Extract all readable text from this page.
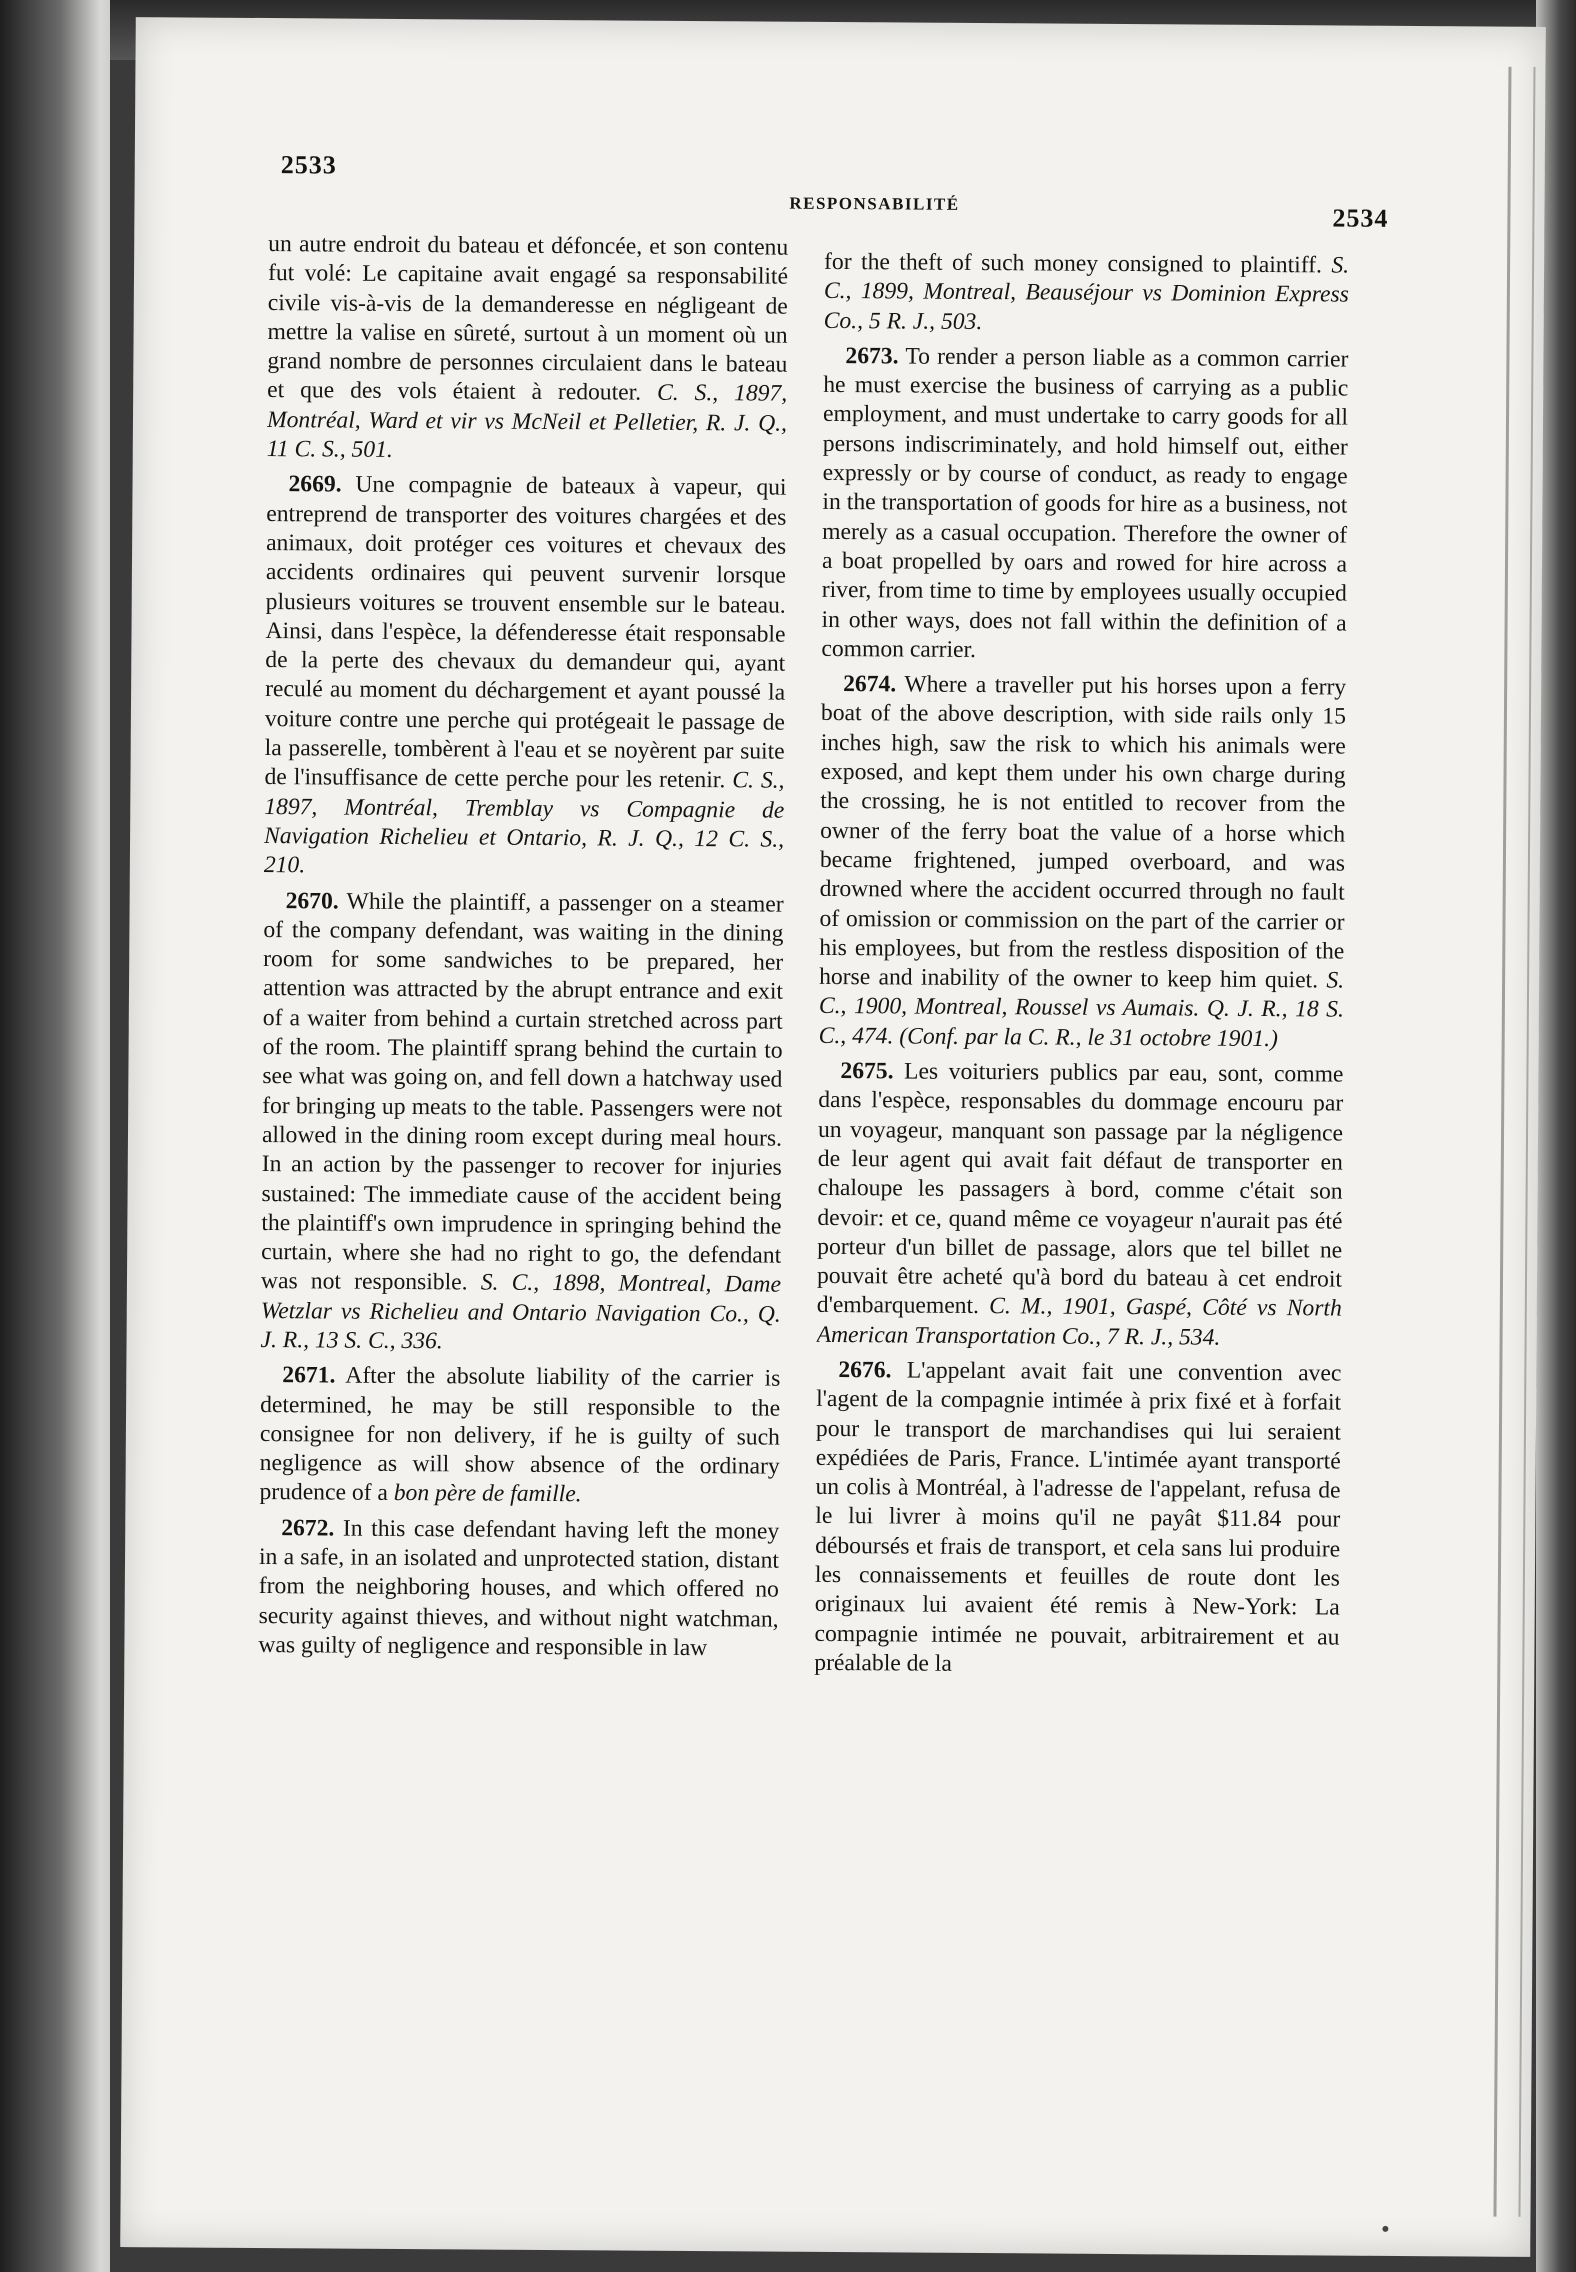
2533
RESPONSABILITÉ	2534

un autre endroit du bateau et défoncée, et son contenu fut volé: Le capitaine avait engagé sa responsabilité civile vis-à-vis de la demanderesse en négligeant de mettre la valise en sûreté, surtout à un moment où un grand nombre de personnes circulaient dans le bateau et que des vols étaient à redouter. C. S., 1897, Montréal, Ward et vir vs McNeil et Pelletier, R. J. Q., 11 C. S., 501.

2669. Une compagnie de bateaux à vapeur, qui entreprend de transporter des voitures chargées et des animaux, doit protéger ces voitures et chevaux des accidents ordinaires qui peuvent survenir lorsque plusieurs voitures se trouvent ensemble sur le bateau. Ainsi, dans l'espèce, la défenderesse était responsable de la perte des chevaux du demandeur qui, ayant reculé au moment du déchargement et ayant poussé la voiture contre une perche qui protégeait le passage de la passerelle, tombèrent à l'eau et se noyèrent par suite de l'insuffisance de cette perche pour les retenir. C. S., 1897, Montréal, Tremblay vs Compagnie de Navigation Richelieu et Ontario, R. J. Q., 12 C. S., 210.

2670. While the plaintiff, a passenger on a steamer of the company defendant, was waiting in the dining room for some sandwiches to be prepared, her attention was attracted by the abrupt entrance and exit of a waiter from behind a curtain stretched across part of the room. The plaintiff sprang behind the curtain to see what was going on, and fell down a hatchway used for bringing up meats to the table. Passengers were not allowed in the dining room except during meal hours. In an action by the passenger to recover for injuries sustained: The immediate cause of the accident being the plaintiff's own imprudence in springing behind the curtain, where she had no right to go, the defendant was not responsible. S. C., 1898, Montreal, Dame Wetzlar vs Richelieu and Ontario Navigation Co., Q. J. R., 13 S. C., 336.

2671. After the absolute liability of the carrier is determined, he may be still responsible to the consignee for non delivery, if he is guilty of such negligence as will show absence of the ordinary prudence of a bon père de famille.

2672. In this case defendant having left the money in a safe, in an isolated and unprotected station, distant from the neighboring houses, and which offered no security against thieves, and without night watchman, was guilty of negligence and responsible in law

for the theft of such money consigned to plaintiff. S. C., 1899, Montreal, Beauséjour vs Dominion Express Co., 5 R. J., 503.

2673. To render a person liable as a common carrier he must exercise the business of carrying as a public employment, and must undertake to carry goods for all persons indiscriminately, and hold himself out, either expressly or by course of conduct, as ready to engage in the transportation of goods for hire as a business, not merely as a casual occupation. Therefore the owner of a boat propelled by oars and rowed for hire across a river, from time to time by employees usually occupied in other ways, does not fall within the definition of a common carrier.

2674. Where a traveller put his horses upon a ferry boat of the above description, with side rails only 15 inches high, saw the risk to which his animals were exposed, and kept them under his own charge during the crossing, he is not entitled to recover from the owner of the ferry boat the value of a horse which became frightened, jumped overboard, and was drowned where the accident occurred through no fault of omission or commission on the part of the carrier or his employees, but from the restless disposition of the horse and inability of the owner to keep him quiet. S. C., 1900, Montreal, Roussel vs Aumais. Q. J. R., 18 S. C., 474. (Conf. par la C. R., le 31 octobre 1901.)

2675. Les voituriers publics par eau, sont, comme dans l'espèce, responsables du dommage encouru par un voyageur, manquant son passage par la négligence de leur agent qui avait fait défaut de transporter en chaloupe les passagers à bord, comme c'était son devoir: et ce, quand même ce voyageur n'aurait pas été porteur d'un billet de passage, alors que tel billet ne pouvait être acheté qu'à bord du bateau à cet endroit d'embarquement. C. M., 1901, Gaspé, Côté vs North American Transportation Co., 7 R. J., 534.

2676. L'appelant avait fait une convention avec l'agent de la compagnie intimée à prix fixé et à forfait pour le transport de marchandises qui lui seraient expédiées de Paris, France. L'intimée ayant transporté un colis à Montréal, à l'adresse de l'appelant, refusa de le lui livrer à moins qu'il ne payât $11.84 pour déboursés et frais de transport, et cela sans lui produire les connaissements et feuilles de route dont les originaux lui avaient été remis à New-York: La compagnie intimée ne pouvait, arbitrairement et au préalable de la
